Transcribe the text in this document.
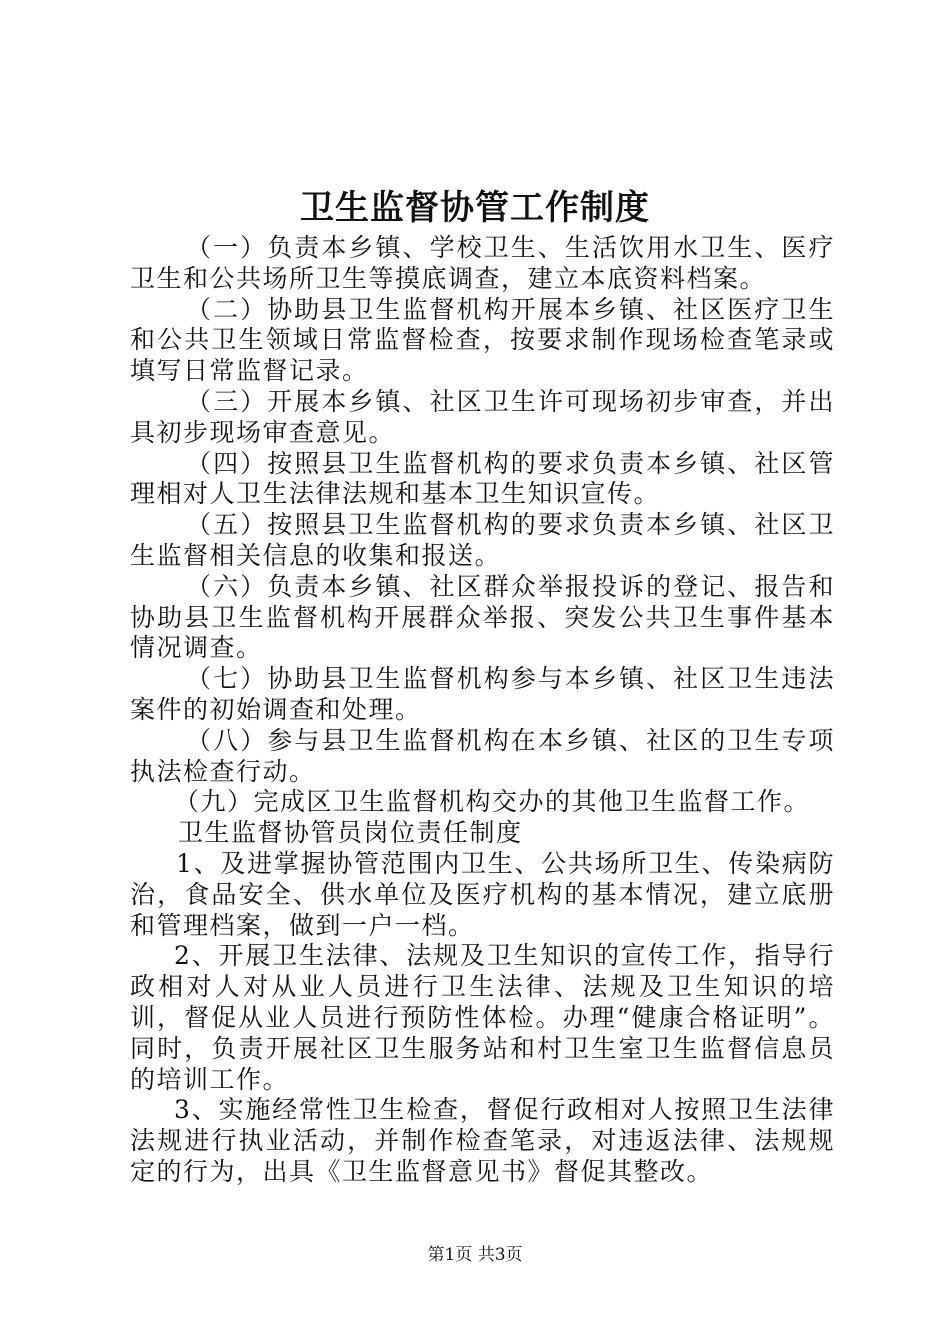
卫生监督协管工作制度

（一）负责本乡镇、学校卫生、生活饮用水卫生、医疗卫生和公共场所卫生等摸底调查，建立本底资料档案。

（二）协助县卫生监督机构开展本乡镇、社区医疗卫生和公共卫生领域日常监督检查，按要求制作现场检查笔录或填写日常监督记录。

（三）开展本乡镇、社区卫生许可现场初步审查，并出具初步现场审查意见。

（四）按照县卫生监督机构的要求负责本乡镇、社区管理相对人卫生法律法规和基本卫生知识宣传。

（五）按照县卫生监督机构的要求负责本乡镇、社区卫生监督相关信息的收集和报送。

（六）负责本乡镇、社区群众举报投诉的登记、报告和协助县卫生监督机构开展群众举报、突发公共卫生事件基本情况调查。

（七）协助县卫生监督机构参与本乡镇、社区卫生违法案件的初始调查和处理。

（八）参与县卫生监督机构在本乡镇、社区的卫生专项执法检查行动。

（九）完成区卫生监督机构交办的其他卫生监督工作。

卫生监督协管员岗位责任制度

1、及进掌握协管范围内卫生、公共场所卫生、传染病防治，食品安全、供水单位及医疗机构的基本情况，建立底册和管理档案，做到一户一档。

2、开展卫生法律、法规及卫生知识的宣传工作，指导行政相对人对从业人员进行卫生法律、法规及卫生知识的培训，督促从业人员进行预防性体检。办理“健康合格证明”。同时，负责开展社区卫生服务站和村卫生室卫生监督信息员的培训工作。

3、实施经常性卫生检查，督促行政相对人按照卫生法律法规进行执业活动，并制作检查笔录，对违返法律、法规规定的行为，出具《卫生监督意见书》督促其整改。

第1页 共3页
